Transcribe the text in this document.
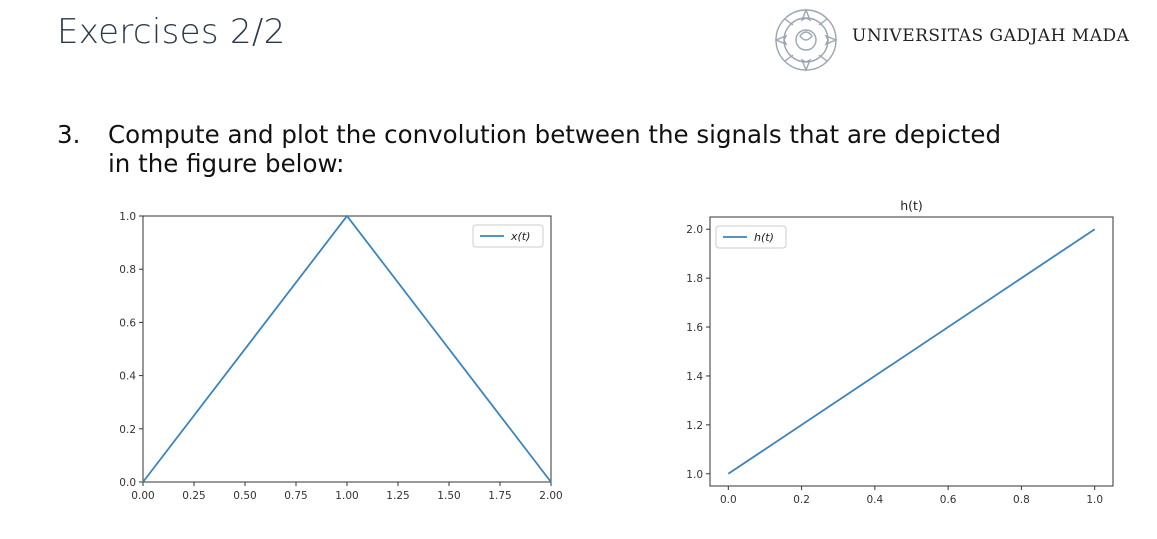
Exercises 2/2	UNIVERSITAS GADJAH MADA
3. Compute and plot the convolution between the signals that are depicted in the figure below:
0.00	0.25	0.50	0.75	1.00	1.25	1.50	1.75	2.00
0.0
0.2
0.4
0.6
0.8
1.0
x(t)
0.0	0.2	0.4	0.6	0.8	1.0
1.0
1.2
1.4
1.6
1.8
2.0
h(t)
h(t)
